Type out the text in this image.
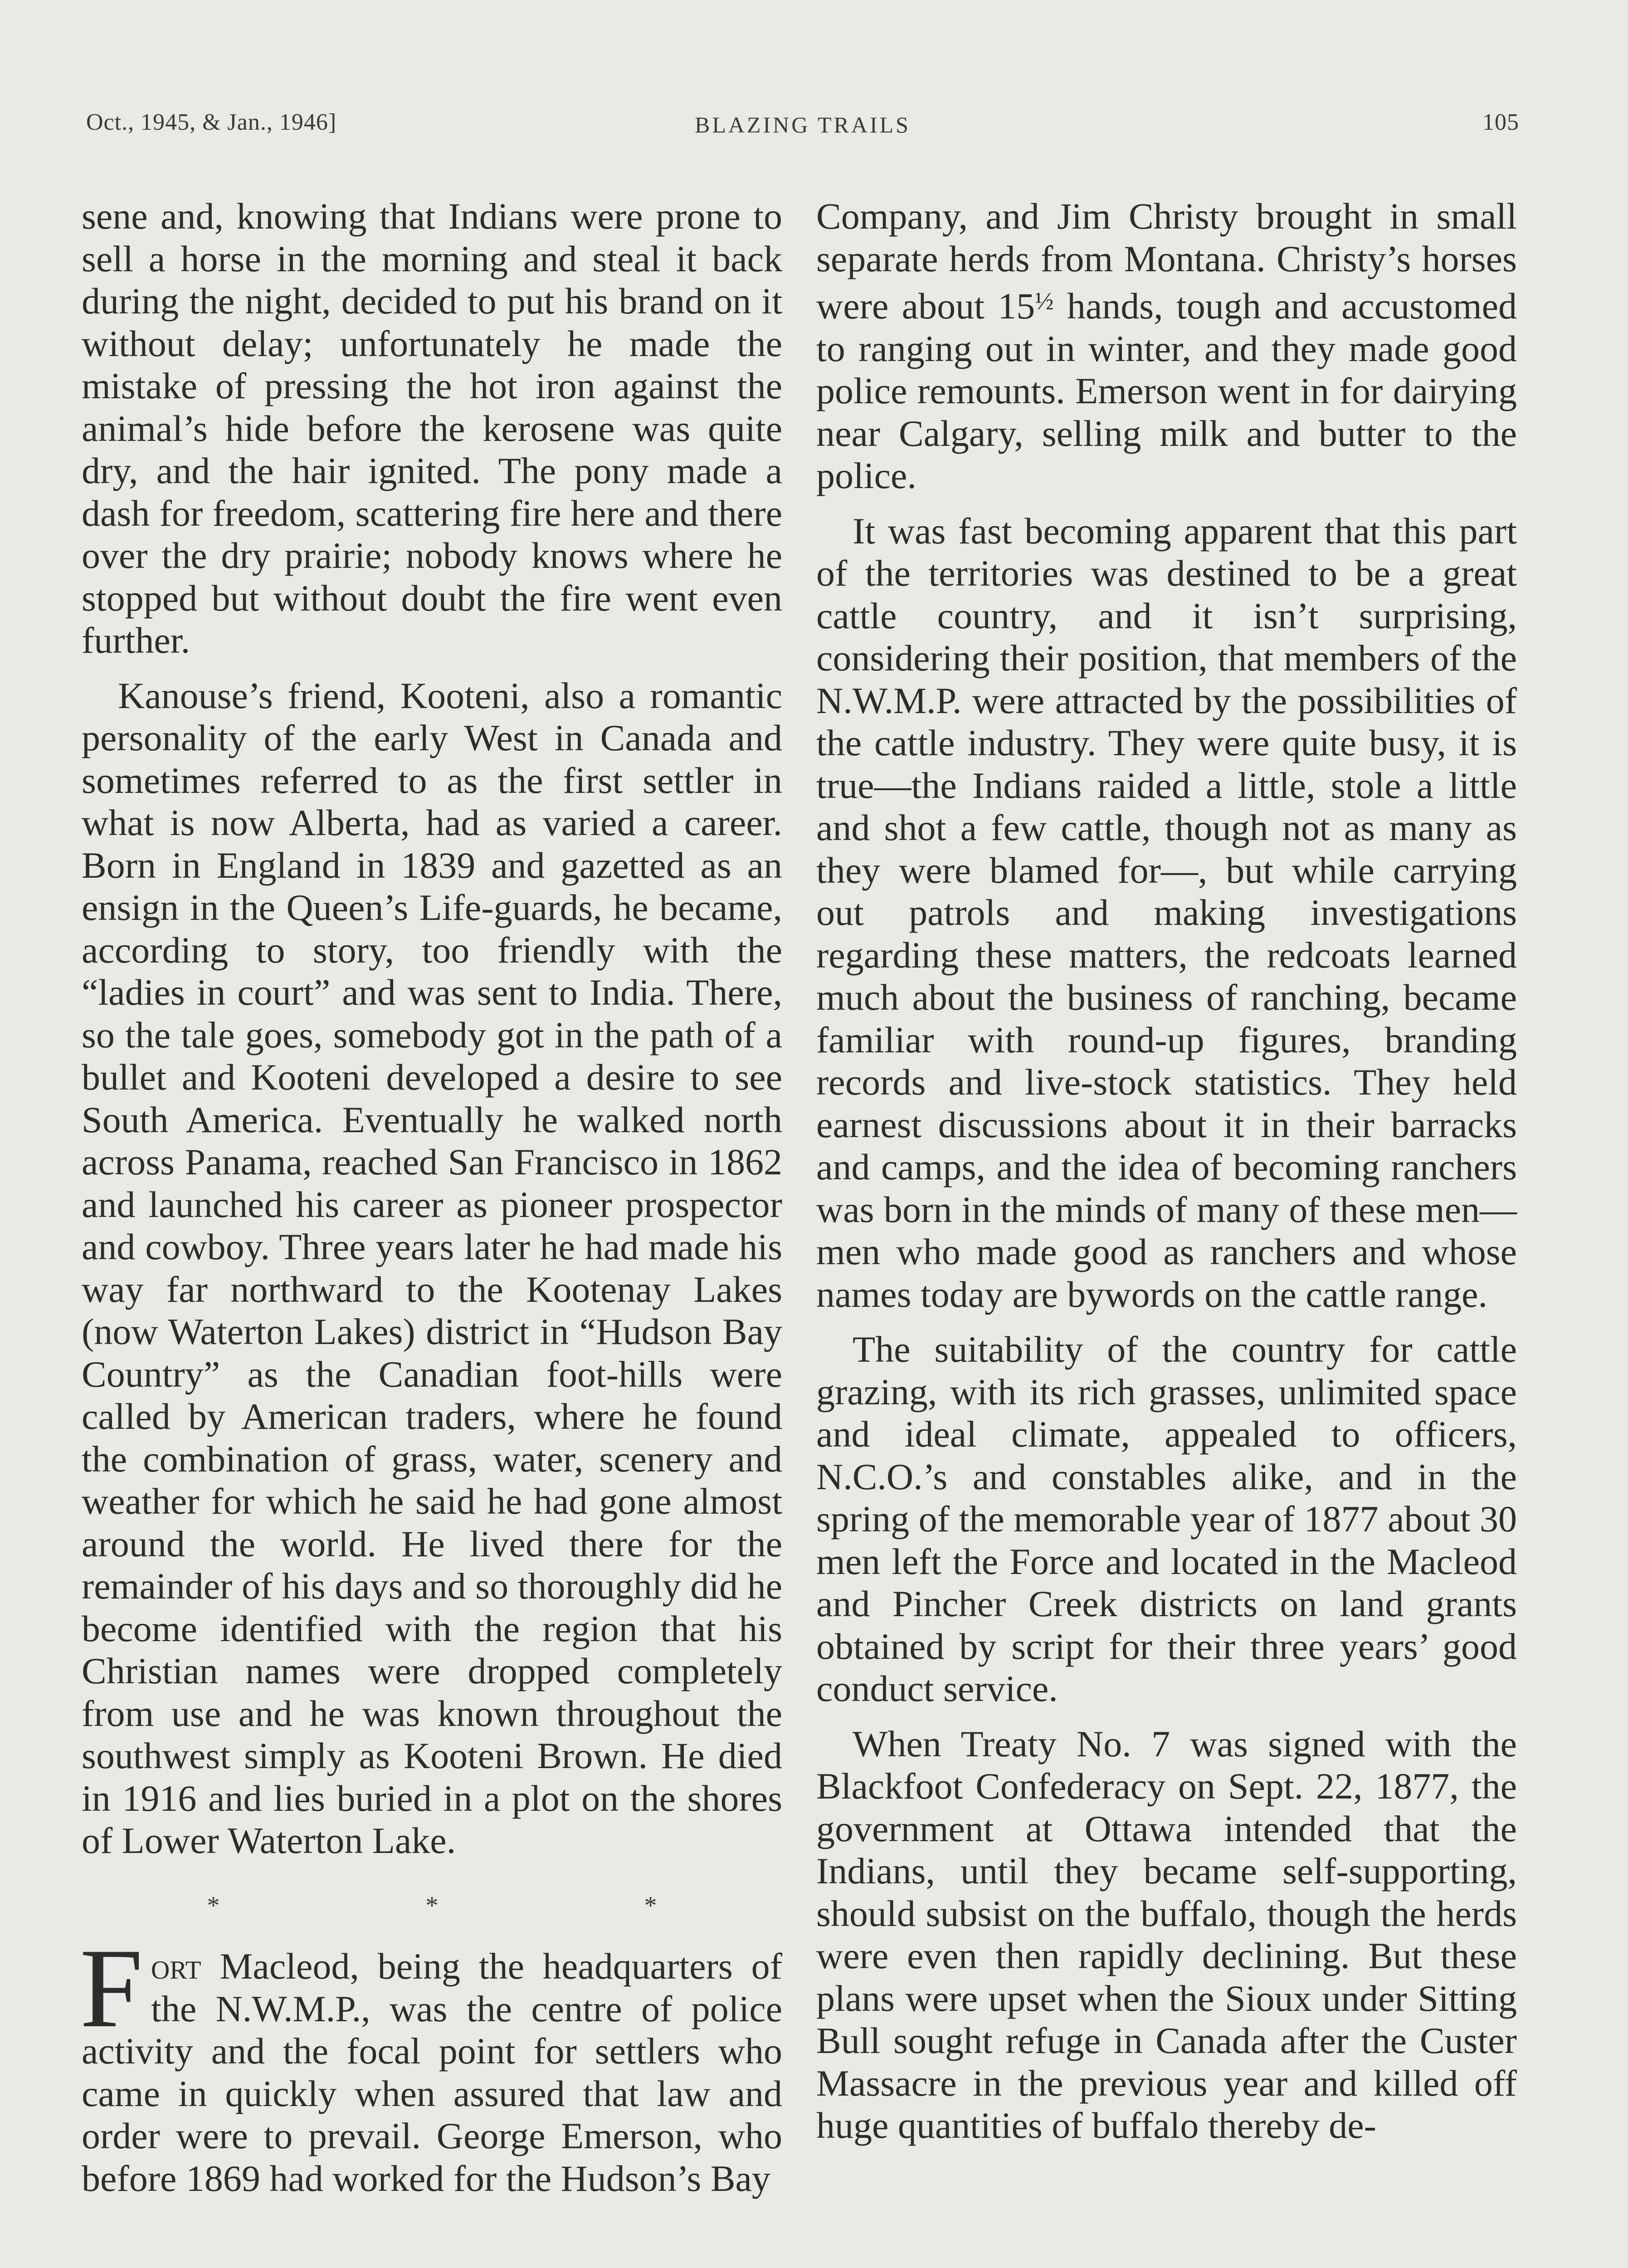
Oct., 1945, & Jan., 1946]	BLAZING TRAILS	105

sene and, knowing that Indians were prone to sell a horse in the morning and steal it back during the night, decided to put his brand on it without delay; unfortunately he made the mistake of pressing the hot iron against the animal’s hide before the kerosene was quite dry, and the hair ignited. The pony made a dash for freedom, scattering fire here and there over the dry prairie; nobody knows where he stopped but without doubt the fire went even further.

Kanouse’s friend, Kooteni, also a romantic personality of the early West in Canada and sometimes referred to as the first settler in what is now Alberta, had as varied a career. Born in England in 1839 and gazetted as an ensign in the Queen’s Life-guards, he became, according to story, too friendly with the “ladies in court” and was sent to India. There, so the tale goes, somebody got in the path of a bullet and Kooteni developed a desire to see South America. Eventually he walked north across Panama, reached San Francisco in 1862 and launched his career as pioneer prospector and cowboy. Three years later he had made his way far northward to the Kootenay Lakes (now Waterton Lakes) district in “Hudson Bay Country” as the Canadian foot-hills were called by American traders, where he found the combination of grass, water, scenery and weather for which he said he had gone almost around the world. He lived there for the remainder of his days and so thoroughly did he become identified with the region that his Christian names were dropped completely from use and he was known throughout the southwest simply as Kooteni Brown. He died in 1916 and lies buried in a plot on the shores of Lower Waterton Lake.

* * *

Fort Macleod, being the headquarters of the N.W.M.P., was the centre of police activity and the focal point for settlers who came in quickly when assured that law and order were to prevail. George Emerson, who before 1869 had worked for the Hudson’s Bay

Company, and Jim Christy brought in small separate herds from Montana. Christy’s horses were about $15^{\frac{1}{2}}$ hands, tough and accustomed to ranging out in winter, and they made good police remounts. Emerson went in for dairying near Calgary, selling milk and butter to the police.

It was fast becoming apparent that this part of the territories was destined to be a great cattle country, and it isn’t surprising, considering their position, that members of the N.W.M.P. were attracted by the possibilities of the cattle industry. They were quite busy, it is true—the Indians raided a little, stole a little and shot a few cattle, though not as many as they were blamed for—, but while carrying out patrols and making investigations regarding these matters, the redcoats learned much about the business of ranching, became familiar with round-up figures, branding records and live-stock statistics. They held earnest discussions about it in their barracks and camps, and the idea of becoming ranchers was born in the minds of many of these men—men who made good as ranchers and whose names today are bywords on the cattle range.

The suitability of the country for cattle grazing, with its rich grasses, unlimited space and ideal climate, appealed to officers, N.C.O.’s and constables alike, and in the spring of the memorable year of 1877 about 30 men left the Force and located in the Macleod and Pincher Creek districts on land grants obtained by script for their three years’ good conduct service.

When Treaty No. 7 was signed with the Blackfoot Confederacy on Sept. 22, 1877, the government at Ottawa intended that the Indians, until they became self-supporting, should subsist on the buffalo, though the herds were even then rapidly declining. But these plans were upset when the Sioux under Sitting Bull sought refuge in Canada after the Custer Massacre in the previous year and killed off huge quantities of buffalo thereby de-
